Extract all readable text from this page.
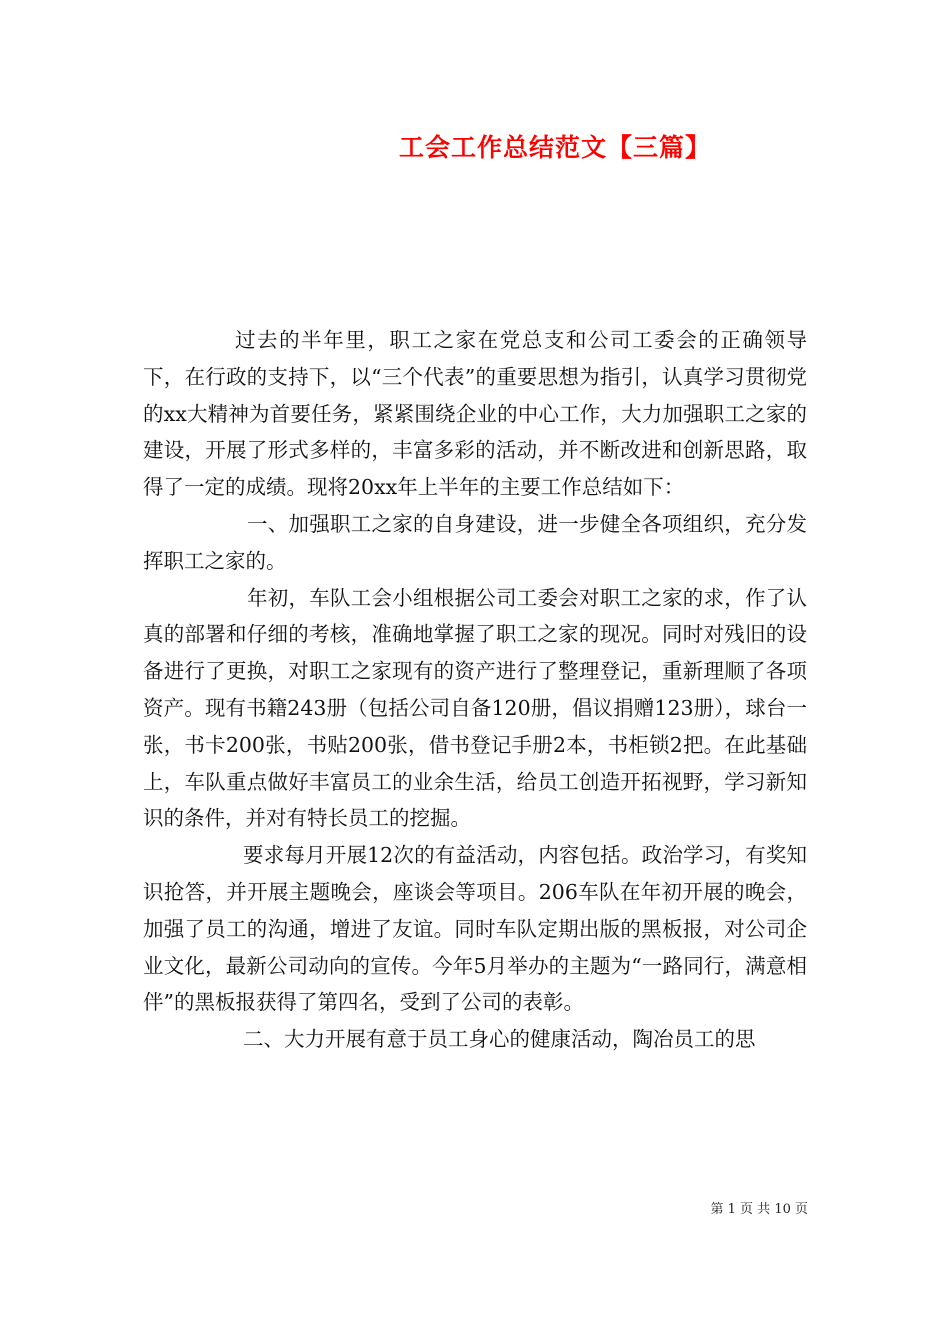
工会工作总结范文【三篇】

过去的半年里，职工之家在党总支和公司工委会的正确领导下，在行政的支持下，以“三个代表”的重要思想为指引，认真学习贯彻党的xx大精神为首要任务，紧紧围绕企业的中心工作，大力加强职工之家的建设，开展了形式多样的，丰富多彩的活动，并不断改进和创新思路，取得了一定的成绩。现将20xx年上半年的主要工作总结如下：

一、加强职工之家的自身建设，进一步健全各项组织，充分发挥职工之家的。

年初，车队工会小组根据公司工委会对职工之家的求，作了认真的部署和仔细的考核，准确地掌握了职工之家的现况。同时对残旧的设备进行了更换，对职工之家现有的资产进行了整理登记，重新理顺了各项资产。现有书籍243册（包括公司自备120册，倡议捐赠123册），球台一张，书卡200张，书贴200张，借书登记手册2本，书柜锁2把。在此基础上，车队重点做好丰富员工的业余生活，给员工创造开拓视野，学习新知识的条件，并对有特长员工的挖掘。

要求每月开展12次的有益活动，内容包括。政治学习，有奖知识抢答，并开展主题晚会，座谈会等项目。206车队在年初开展的晚会，加强了员工的沟通，增进了友谊。同时车队定期出版的黑板报，对公司企业文化，最新公司动向的宣传。今年5月举办的主题为“一路同行，满意相伴”的黑板报获得了第四名，受到了公司的表彰。

二、大力开展有意于员工身心的健康活动，陶冶员工的思

第 1 页 共 10 页
